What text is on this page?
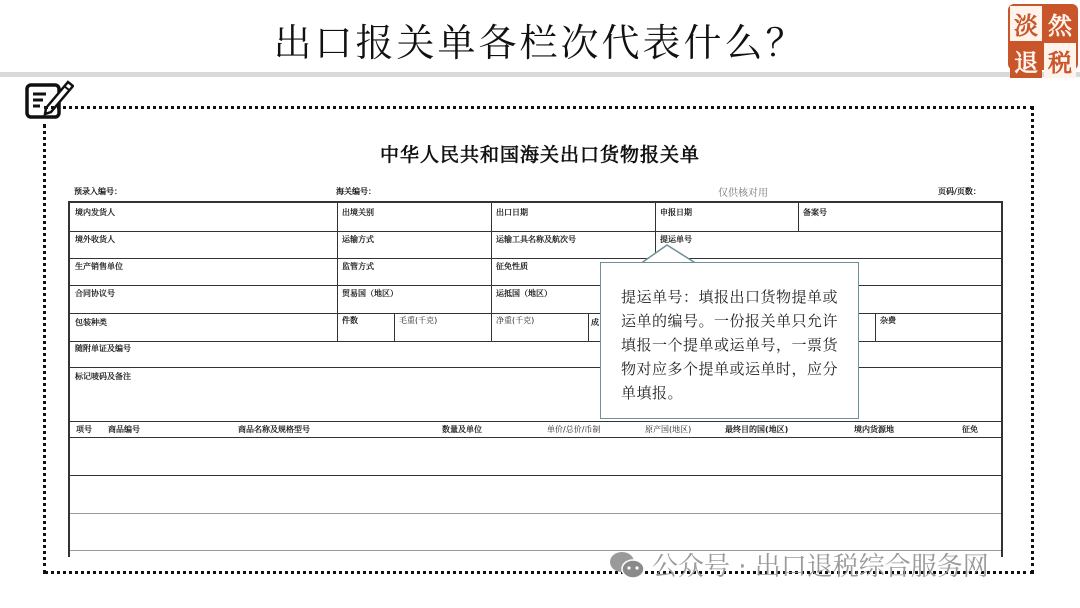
出口报关单各栏次代表什么？	淡 然
退 税
中华人民共和国海关出口货物报关单
预录入编号：	海关编号：	仅供核对用	页码/页数：
境内发货人	出境关别	出口日期	申报日期	备案号
境外收货人	运输方式	运输工具名称及航次号	提运单号
生产销售单位	监管方式	征免性质
合同协议号	贸易国（地区）	运抵国（地区）
包装种类	件数	毛重(千克)	净重(千克)	成	杂费
随附单证及编号
标记唛码及备注
项号 商品编号	商品名称及规格型号	数量及单位	单价/总价/币制	原产国(地区)	最终目的国(地区)	境内货源地	征免
提运单号：填报出口货物提单或运单的编号。一份报关单只允许填报一个提单或运单号，一票货物对应多个提单或运单时，应分单填报。
公众号 · 出口退税综合服务网
